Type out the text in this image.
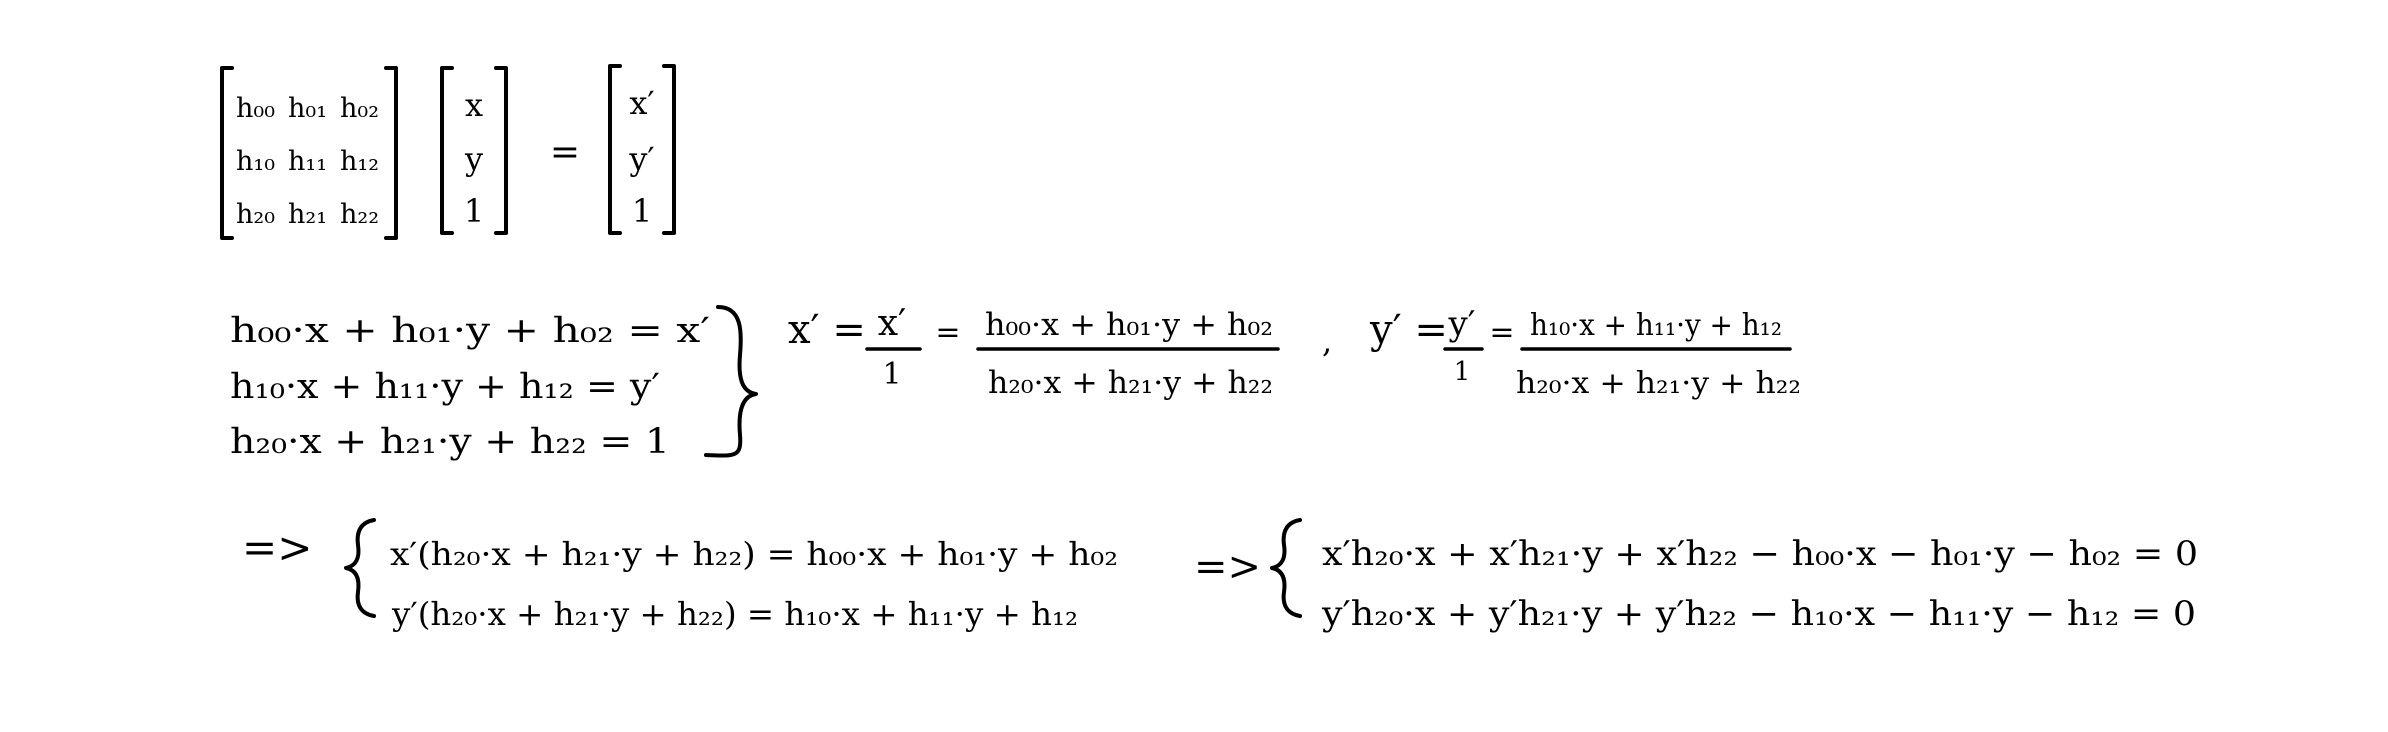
h₀₀ h₀₁ h₀₂
h₁₀ h₁₁ h₁₂
h₂₀ h₂₁ h₂₂
x
y
1
=
x′
y′
1
h₀₀·x + h₀₁·y + h₀₂ = x′
h₁₀·x + h₁₁·y + h₁₂ = y′
h₂₀·x + h₂₁·y + h₂₂ = 1
x′ = x′
1
= h₀₀·x + h₀₁·y + h₀₂
h₂₀·x + h₂₁·y + h₂₂
, y′ = y′
1
= h₁₀·x + h₁₁·y + h₁₂
h₂₀·x + h₂₁·y + h₂₂
=> x′(h₂₀·x + h₂₁·y + h₂₂) = h₀₀·x + h₀₁·y + h₀₂
y′(h₂₀·x + h₂₁·y + h₂₂) = h₁₀·x + h₁₁·y + h₁₂
=> x′h₂₀·x + x′h₂₁·y + x′h₂₂ − h₀₀·x − h₀₁·y − h₀₂ = 0
y′h₂₀·x + y′h₂₁·y + y′h₂₂ − h₁₀·x − h₁₁·y − h₁₂ = 0
